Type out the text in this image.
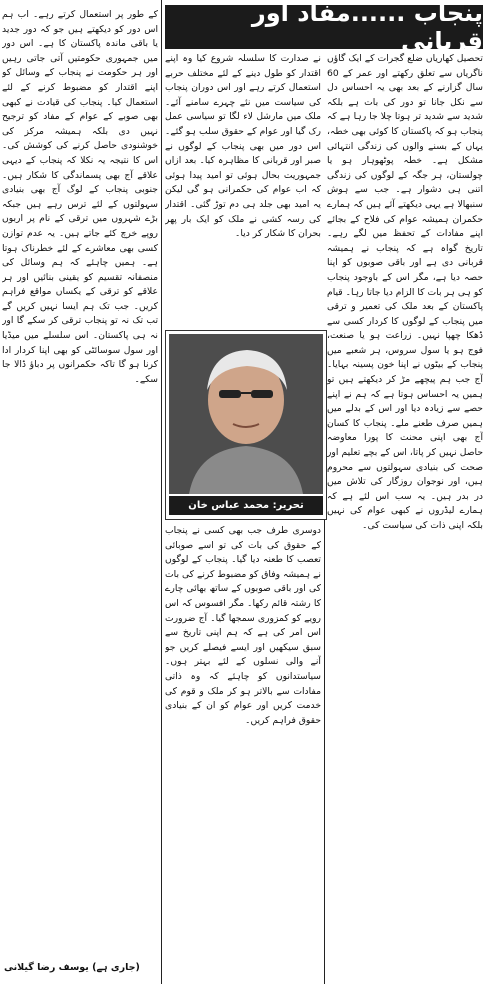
پنجاب ......مفاد اور قربانی

کے طور پر استعمال کرتے رہے۔ اب ہم اس دور کو دیکھتے ہیں جو کہ دور جدید یا باقی ماندہ پاکستان کا ہے۔ اس دور میں جمہوری حکومتیں آتی جاتی رہیں اور ہر حکومت نے پنجاب کے وسائل کو اپنے اقتدار کو مضبوط کرنے کے لئے استعمال کیا۔ پنجاب کی قیادت نے کبھی بھی صوبے کے عوام کے مفاد کو ترجیح نہیں دی بلکہ ہمیشہ مرکز کی خوشنودی حاصل کرنے کی کوشش کی۔ اس کا نتیجہ یہ نکلا کہ پنجاب کے دیہی علاقے آج بھی پسماندگی کا شکار ہیں۔ جنوبی پنجاب کے لوگ آج بھی بنیادی سہولتوں کے لئے ترس رہے ہیں جبکہ بڑے شہروں میں ترقی کے نام پر اربوں روپے خرچ کئے جاتے ہیں۔ یہ عدم توازن کسی بھی معاشرے کے لئے خطرناک ہوتا ہے۔ ہمیں چاہئے کہ ہم وسائل کی منصفانہ تقسیم کو یقینی بنائیں اور ہر علاقے کو ترقی کے یکساں مواقع فراہم کریں۔ جب تک ہم ایسا نہیں کریں گے تب تک نہ تو پنجاب ترقی کر سکے گا اور نہ ہی پاکستان۔ اس سلسلے میں میڈیا اور سول سوسائٹی کو بھی اپنا کردار ادا کرنا ہو گا تاکہ حکمرانوں پر دباؤ ڈالا جا سکے۔

تحصیل کھاریاں ضلع گجرات کے ایک گاؤں ناگریاں سے تعلق رکھتے اور عمر کے 60 سال گزارنے کے بعد بھی یہ احساس دل سے نکل جانا تو دور کی بات ہے بلکہ شدید سے شدید تر ہوتا چلا جا رہا ہے کہ پنجاب ہو کہ پاکستان کا کوئی بھی خطہ، یہاں کے بسنے والوں کی زندگی انتہائی مشکل ہے۔ خطہ پوٹھوہار ہو یا چولستان، ہر جگہ کے لوگوں کی زندگی اتنی ہی دشوار ہے۔ جب سے ہوش سنبھالا ہے یہی دیکھتے آئے ہیں کہ ہمارے حکمران ہمیشہ عوام کی فلاح کے بجائے اپنے مفادات کے تحفظ میں لگے رہے۔ تاریخ گواہ ہے کہ پنجاب نے ہمیشہ قربانی دی ہے اور باقی صوبوں کو اپنا حصہ دیا ہے، مگر اس کے باوجود پنجاب کو ہی ہر بات کا الزام دیا جاتا رہا۔ قیام پاکستان کے بعد ملک کی تعمیر و ترقی میں پنجاب کے لوگوں کا کردار کسی سے ڈھکا چھپا نہیں۔ زراعت ہو یا صنعت، فوج ہو یا سول سروس، ہر شعبے میں پنجاب کے بیٹوں نے اپنا خون پسینہ بہایا۔ آج جب ہم پیچھے مڑ کر دیکھتے ہیں تو ہمیں یہ احساس ہوتا ہے کہ ہم نے اپنے حصے سے زیادہ دیا اور اس کے بدلے میں ہمیں صرف طعنے ملے۔ پنجاب کا کسان آج بھی اپنی محنت کا پورا معاوضہ حاصل نہیں کر پاتا، اس کے بچے تعلیم اور صحت کی بنیادی سہولتوں سے محروم ہیں، اور نوجوان روزگار کی تلاش میں در بدر ہیں۔ یہ سب اس لئے ہے کہ ہمارے لیڈروں نے کبھی عوام کی نہیں بلکہ اپنی ذات کی سیاست کی۔

نے صدارت کا سلسلہ شروع کیا وہ اپنے اقتدار کو طول دینے کے لئے مختلف حربے استعمال کرتے رہے اور اس دوران پنجاب کی سیاست میں نئے چہرے سامنے آئے۔ ملک میں مارشل لاء لگا تو سیاسی عمل رک گیا اور عوام کے حقوق سلب ہو گئے۔ اس دور میں بھی پنجاب کے لوگوں نے صبر اور قربانی کا مظاہرہ کیا۔ بعد ازاں جمہوریت بحال ہوئی تو امید پیدا ہوئی کہ اب عوام کی حکمرانی ہو گی لیکن یہ امید بھی جلد ہی دم توڑ گئی۔ اقتدار کی رسہ کشی نے ملک کو ایک بار پھر بحران کا شکار کر دیا۔

تحریر: محمد عباس خان

دوسری طرف جب بھی کسی نے پنجاب کے حقوق کی بات کی تو اسے صوبائی تعصب کا طعنہ دیا گیا۔ پنجاب کے لوگوں نے ہمیشہ وفاق کو مضبوط کرنے کی بات کی اور باقی صوبوں کے ساتھ بھائی چارے کا رشتہ قائم رکھا۔ مگر افسوس کہ اس رویے کو کمزوری سمجھا گیا۔ آج ضرورت اس امر کی ہے کہ ہم اپنی تاریخ سے سبق سیکھیں اور ایسے فیصلے کریں جو آنے والی نسلوں کے لئے بہتر ہوں۔ سیاستدانوں کو چاہئے کہ وہ ذاتی مفادات سے بالاتر ہو کر ملک و قوم کی خدمت کریں اور عوام کو ان کے بنیادی حقوق فراہم کریں۔

(جاری ہے) یوسف رضا گیلانی
